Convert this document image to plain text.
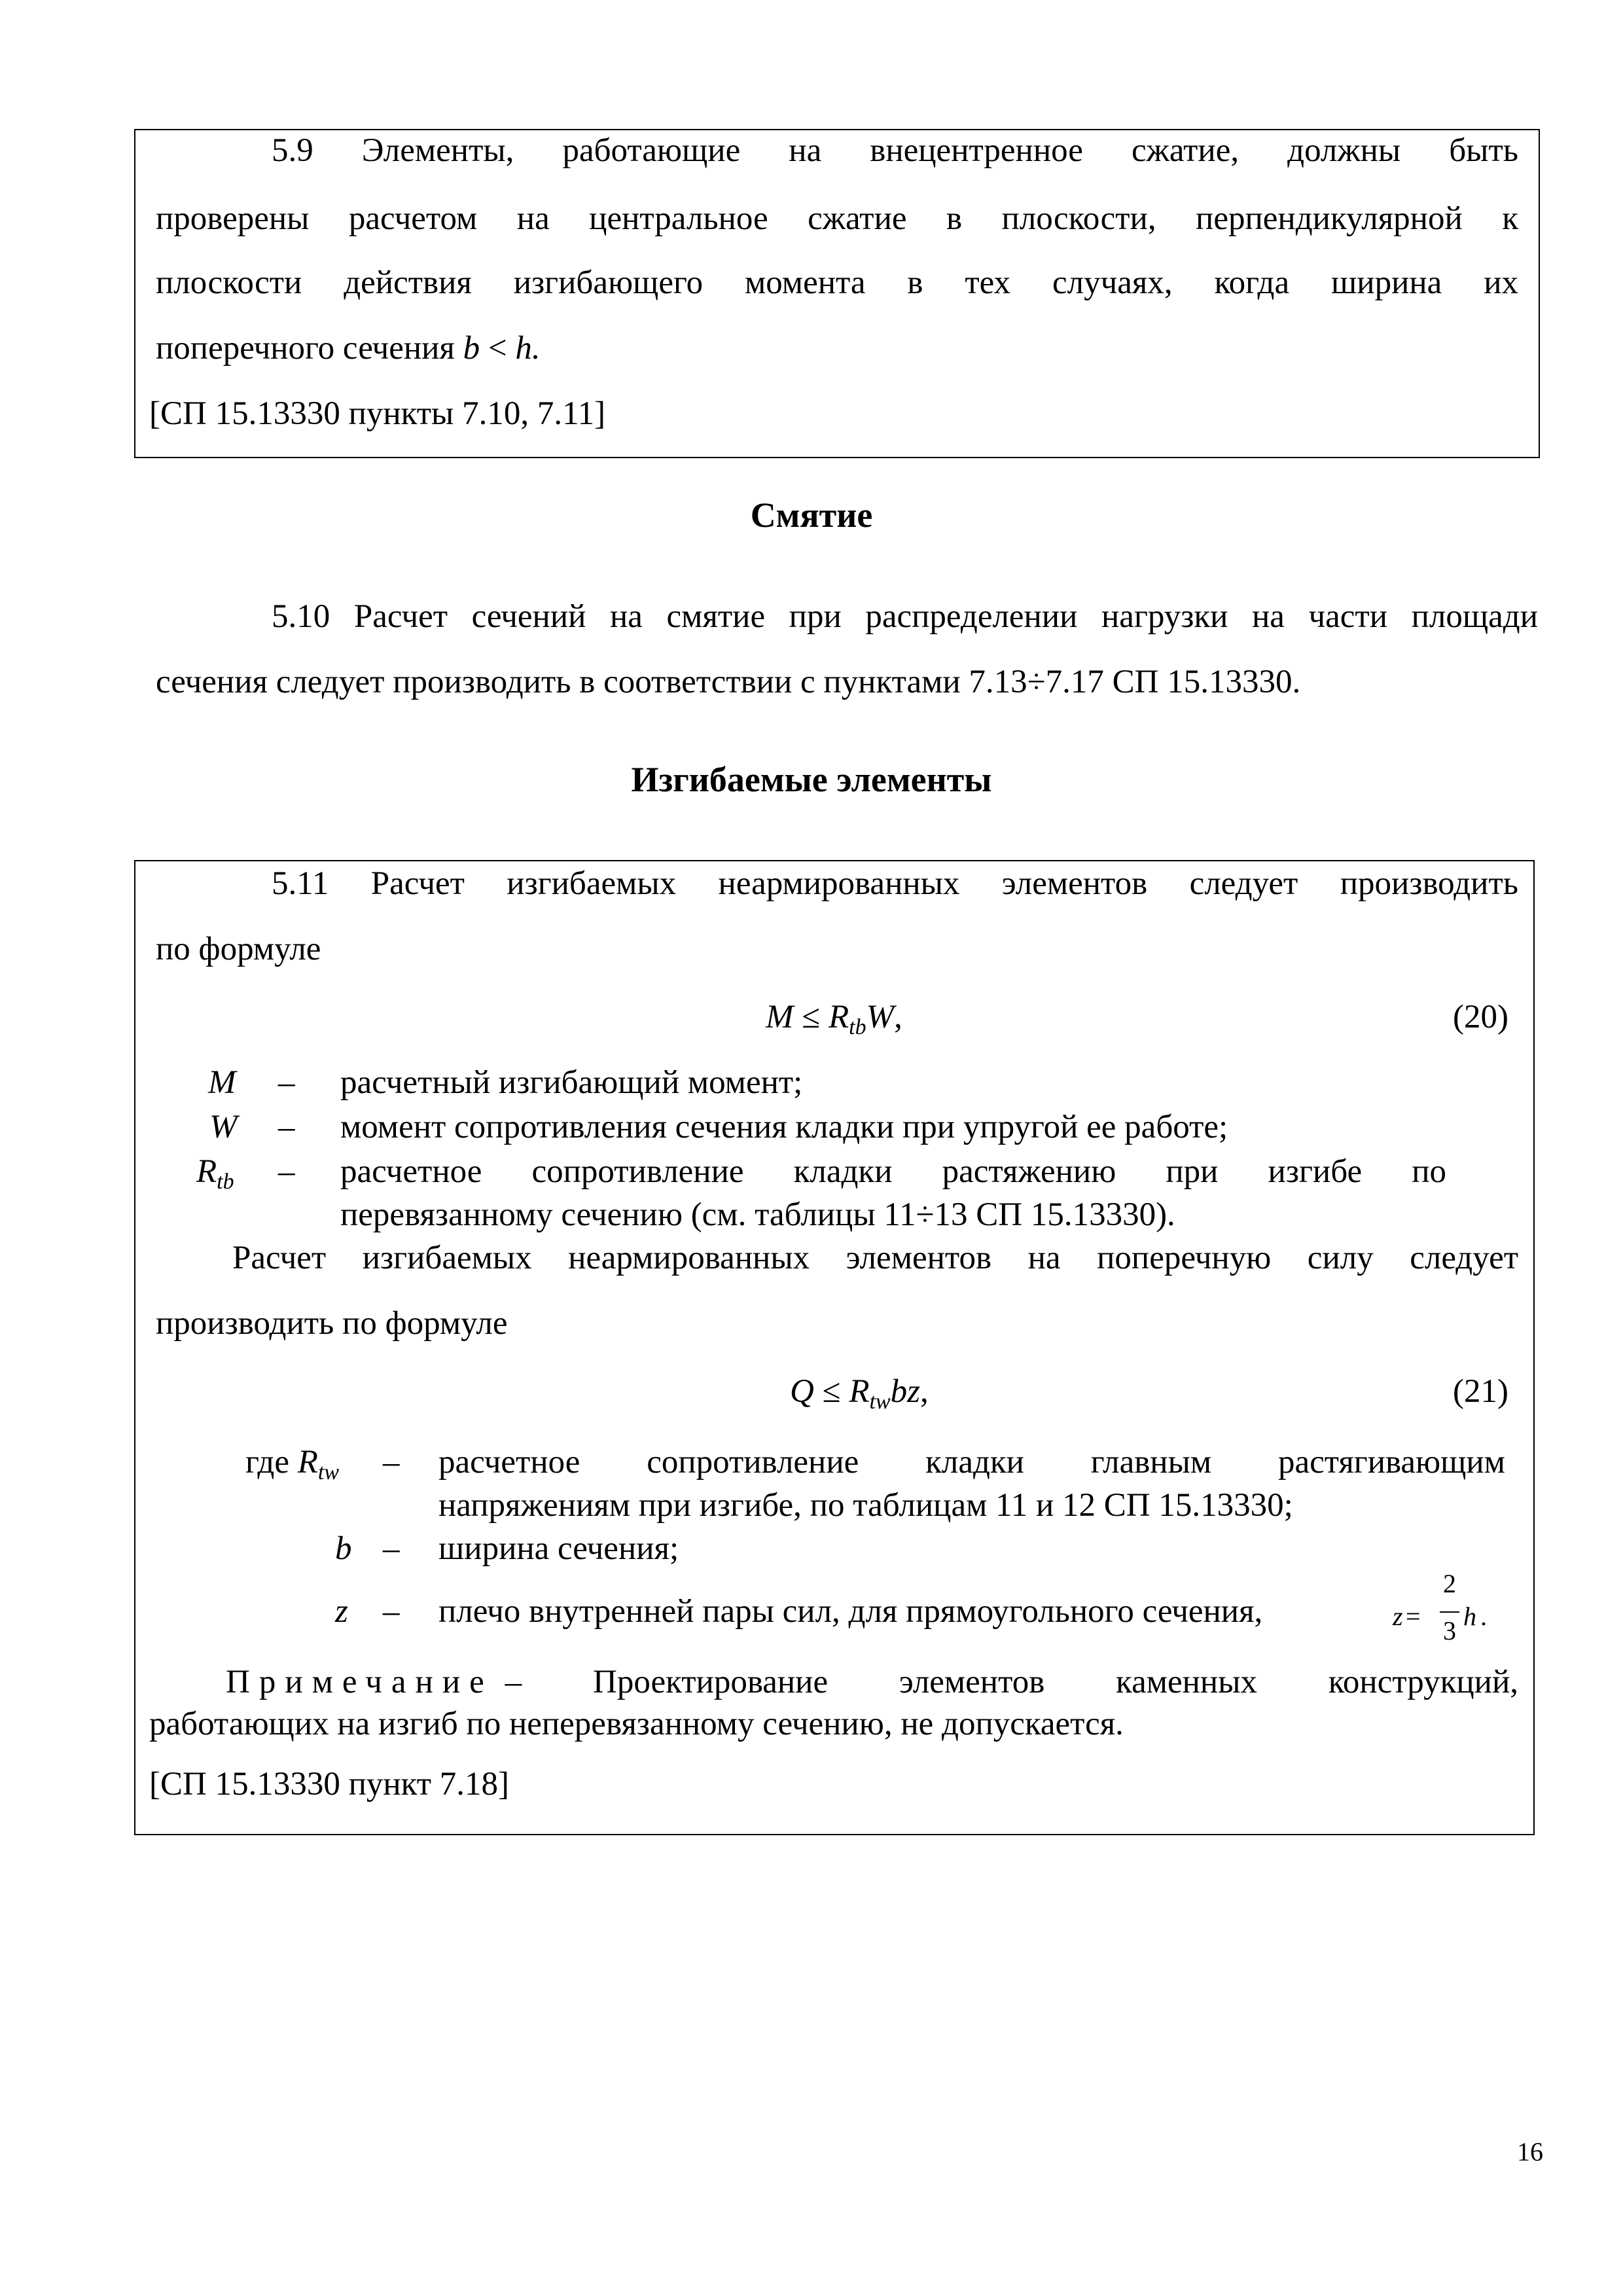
5.9 Элементы, работающие на внецентренное сжатие, должны быть
проверены расчетом на центральное сжатие в плоскости, перпендикулярной к
плоскости действия изгибающего момента в тех случаях, когда ширина их
поперечного сечения b < h.
[СП 15.13330 пункты 7.10, 7.11]
Смятие
5.10 Расчет сечений на смятие при распределении нагрузки на части площади
сечения следует производить в соответствии с пунктами 7.13÷7.17 СП 15.13330.
Изгибаемые элементы
5.11 Расчет изгибаемых неармированных элементов следует производить
по формуле
$M \le R_{tb}W$,	(20)
M – расчетный изгибающий момент;
W – момент сопротивления сечения кладки при упругой ее работе;
$R_{tb}$ – расчетное сопротивление кладки растяжению при изгибе по
перевязанному сечению (см. таблицы 11÷13 СП 15.13330).
Расчет изгибаемых неармированных элементов на поперечную силу следует
производить по формуле
$Q \le R_{tw}bz$,	(21)
где $R_{tw}$ – расчетное сопротивление кладки главным растягивающим
напряжениям при изгибе, по таблицам 11 и 12 СП 15.13330;
b – ширина сечения;
z – плечо внутренней пары сил, для прямоугольного сечения,	z =
2
3 h .
Примечание – Проектирование элементов каменных конструкций,
работающих на изгиб по неперевязанному сечению, не допускается.
[СП 15.13330 пункт 7.18]
16
